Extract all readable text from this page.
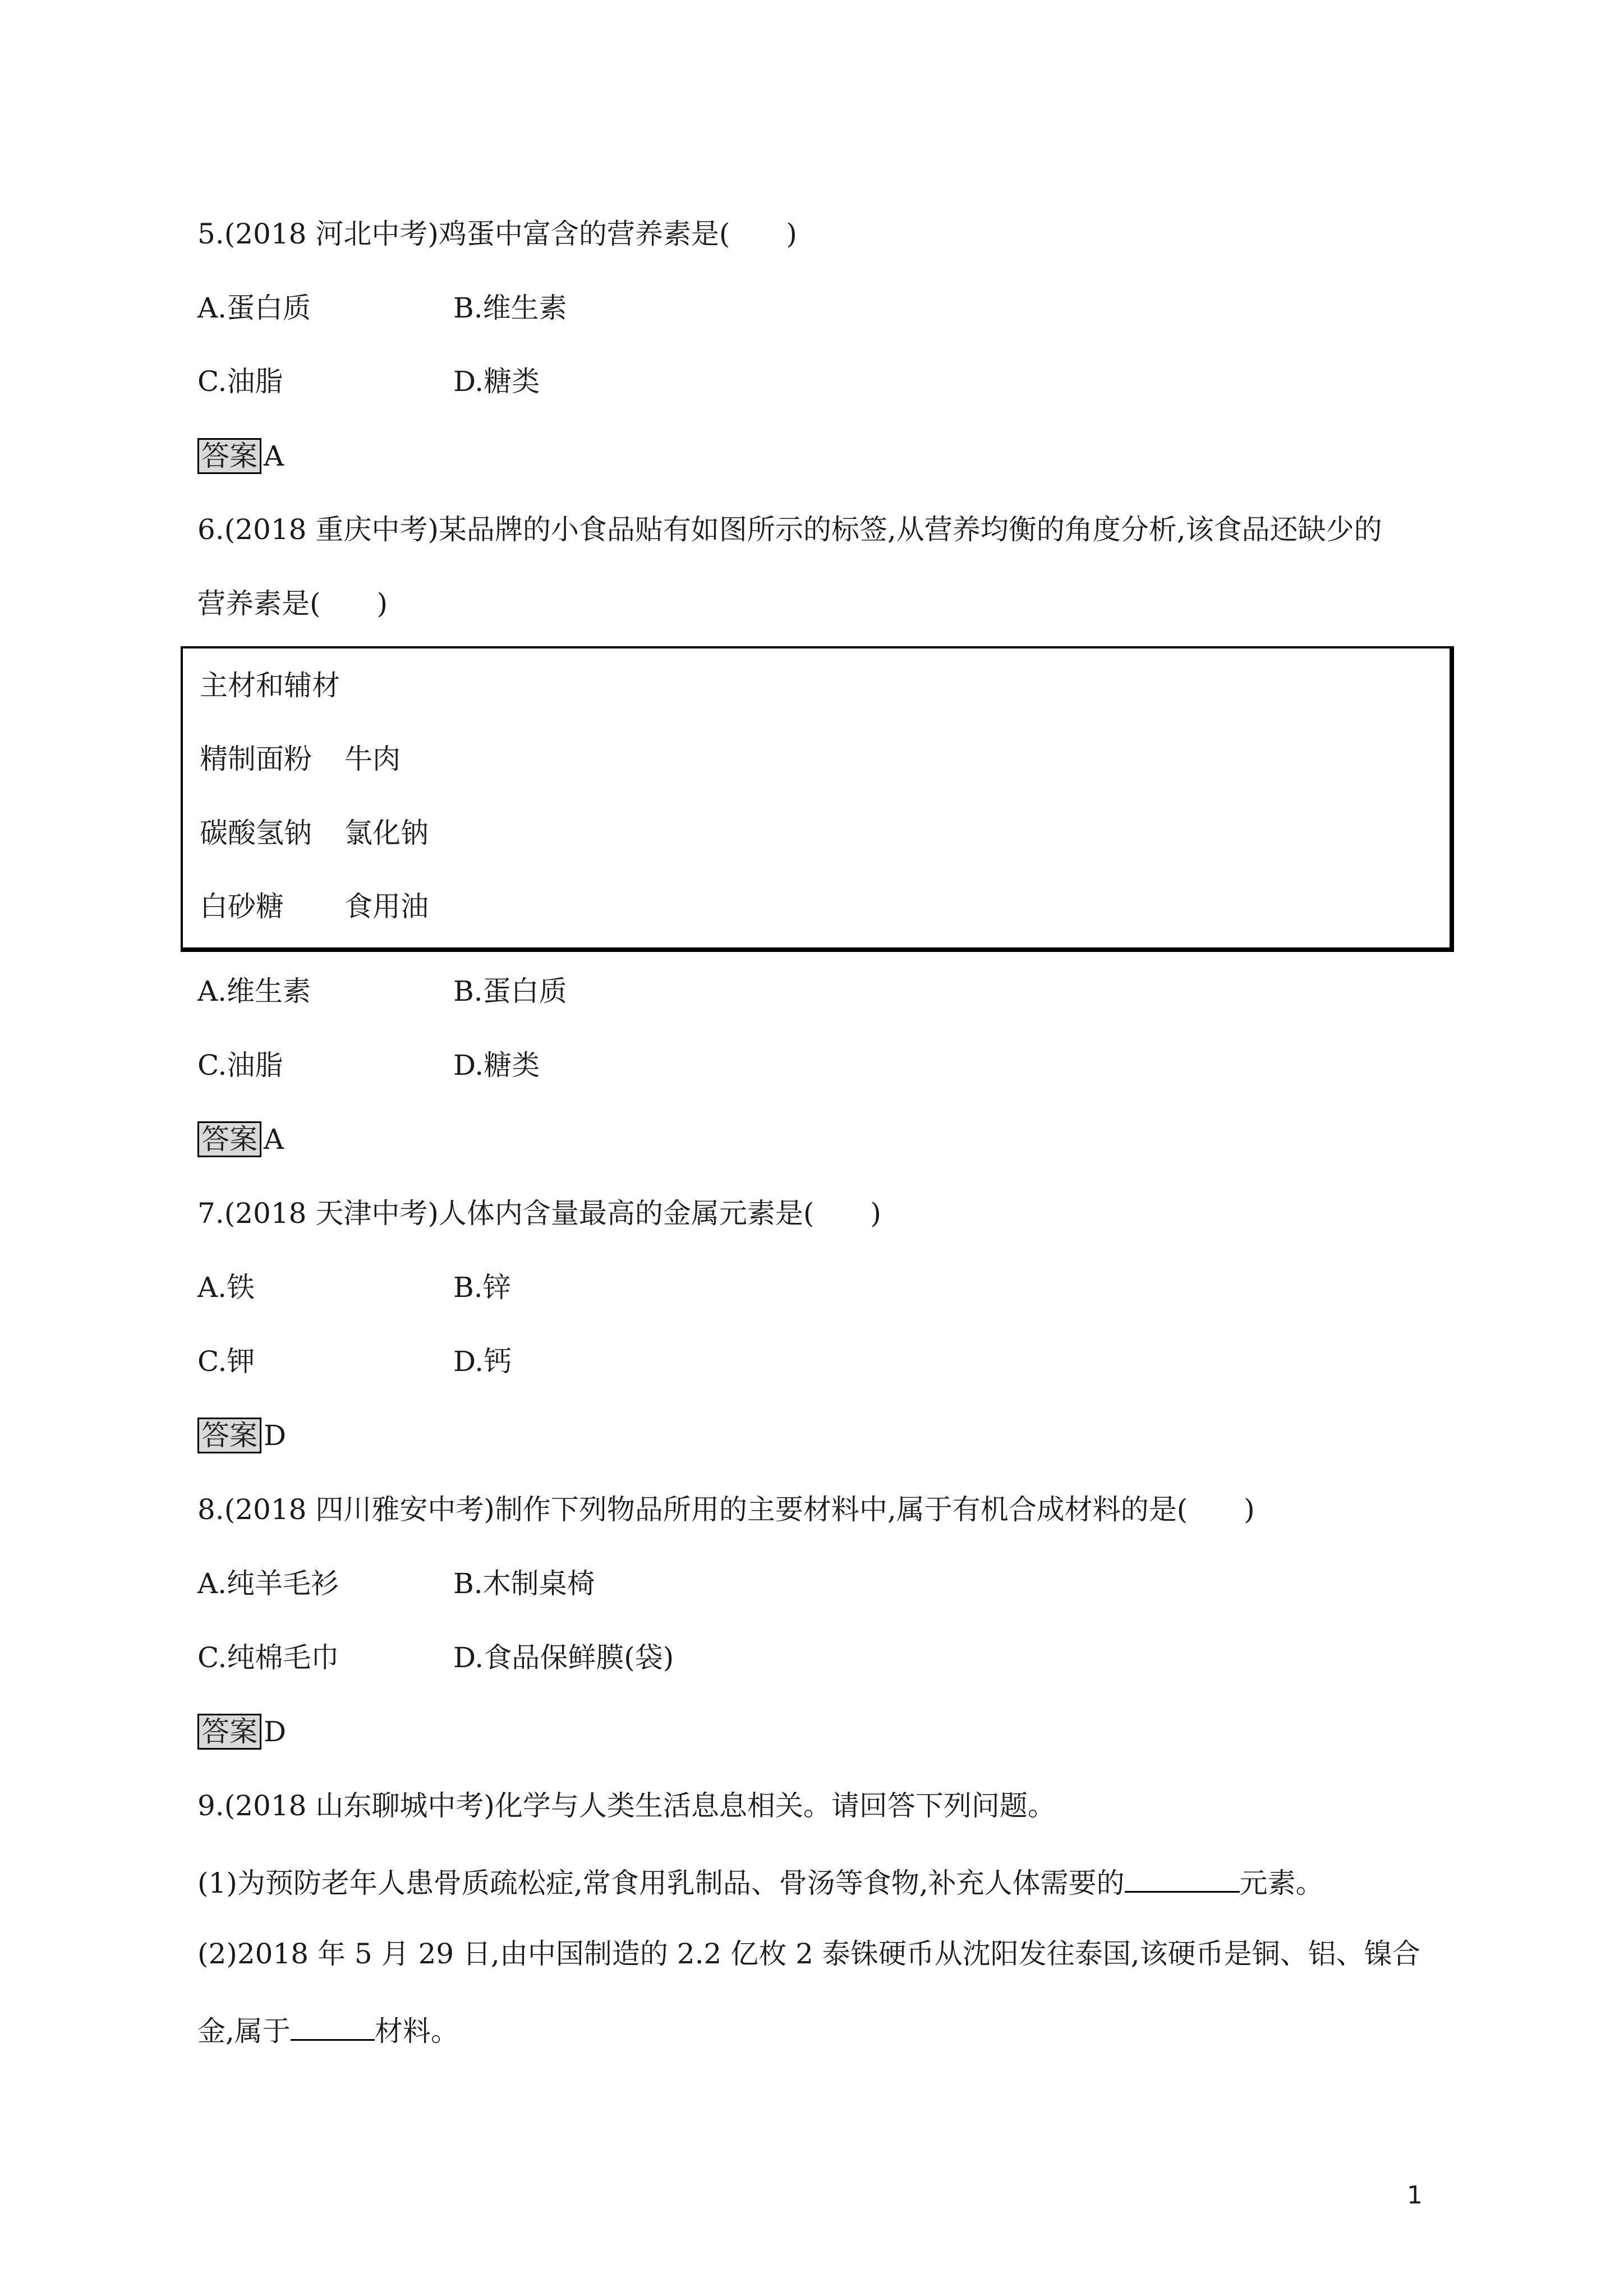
5.(2018 河北中考)鸡蛋中富含的营养素是(　　)
A.蛋白质	B.维生素
C.油脂	D.糖类
答案 A
6.(2018 重庆中考)某品牌的小食品贴有如图所示的标签,从营养均衡的角度分析,该食品还缺少的
营养素是(　　)
主材和辅材
精制面粉 牛肉
碳酸氢钠 氯化钠
白砂糖 食用油
A.维生素	B.蛋白质
C.油脂	D.糖类
答案 A
7.(2018 天津中考)人体内含量最高的金属元素是(　　)
A.铁	B.锌
C.钾	D.钙
答案 D
8.(2018 四川雅安中考)制作下列物品所用的主要材料中,属于有机合成材料的是(　　)
A.纯羊毛衫	B.木制桌椅
C.纯棉毛巾	D.食品保鲜膜(袋)
答案 D
9.(2018 山东聊城中考)化学与人类生活息息相关。请回答下列问题。
(1)为预防老年人患骨质疏松症,常食用乳制品、骨汤等食物,补充人体需要的	元素。
(2)2018 年 5 月 29 日,由中国制造的 2.2 亿枚 2 泰铢硬币从沈阳发往泰国,该硬币是铜、铝、镍合
金,属于	材料。
1
